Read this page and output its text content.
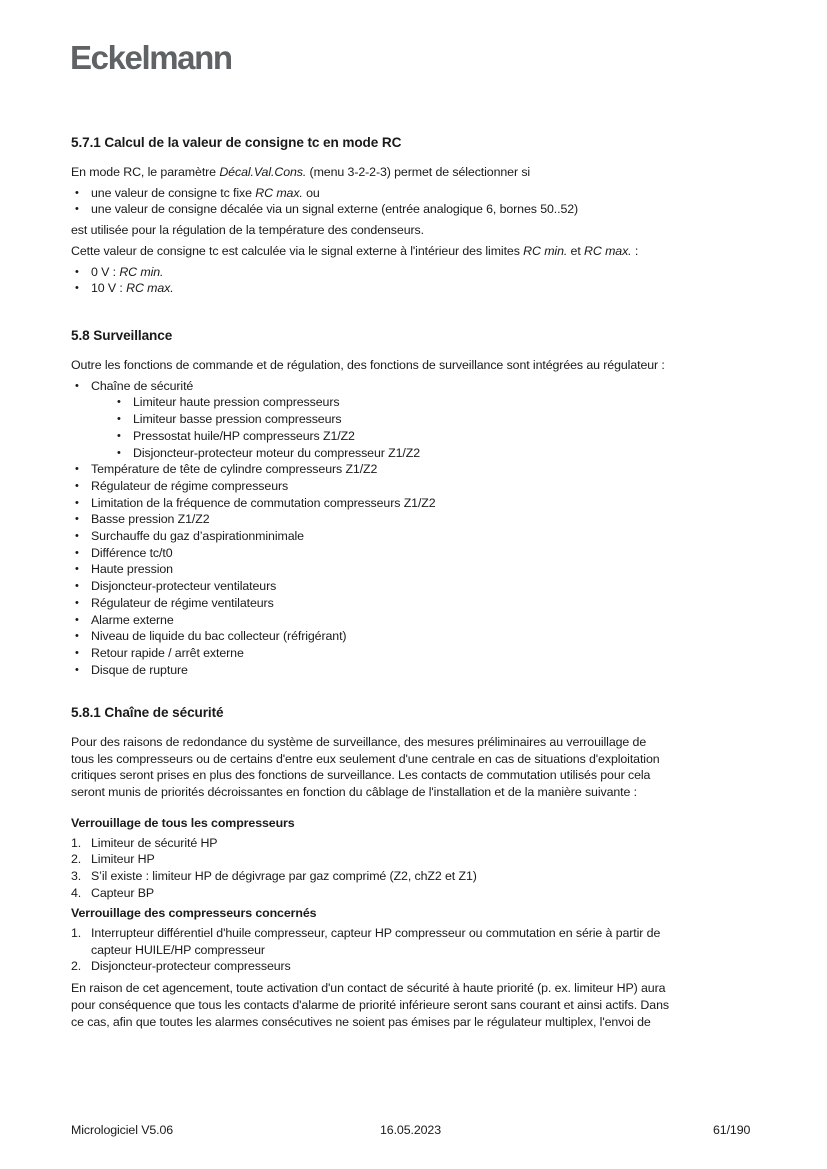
Eckelmann
5.7.1 Calcul de la valeur de consigne tc en mode RC

En mode RC, le paramètre Décal.Val.Cons. (menu 3-2-2-3) permet de sélectionner si

• une valeur de consigne tc fixe RC max. ou
• une valeur de consigne décalée via un signal externe (entrée analogique 6, bornes 50..52)

est utilisée pour la régulation de la température des condenseurs.

Cette valeur de consigne tc est calculée via le signal externe à l'intérieur des limites RC min. et RC max. :

• 0 V : RC min.
• 10 V : RC max.
5.8 Surveillance

Outre les fonctions de commande et de régulation, des fonctions de surveillance sont intégrées au régulateur :

• Chaîne de sécurité
• Limiteur haute pression compresseurs
• Limiteur basse pression compresseurs
• Pressostat huile/HP compresseurs Z1/Z2
• Disjoncteur-protecteur moteur du compresseur Z1/Z2
• Température de tête de cylindre compresseurs Z1/Z2
• Régulateur de régime compresseurs
• Limitation de la fréquence de commutation compresseurs Z1/Z2
• Basse pression Z1/Z2
• Surchauffe du gaz d’aspirationminimale
• Différence tc/t0
• Haute pression
• Disjoncteur-protecteur ventilateurs
• Régulateur de régime ventilateurs
• Alarme externe
• Niveau de liquide du bac collecteur (réfrigérant)
• Retour rapide / arrêt externe
• Disque de rupture
5.8.1 Chaîne de sécurité

Pour des raisons de redondance du système de surveillance, des mesures préliminaires au verrouillage de
tous les compresseurs ou de certains d'entre eux seulement d'une centrale en cas de situations d'exploitation
critiques seront prises en plus des fonctions de surveillance. Les contacts de commutation utilisés pour cela
seront munis de priorités décroissantes en fonction du câblage de l'installation et de la manière suivante :

Verrouillage de tous les compresseurs

1. Limiteur de sécurité HP
2. Limiteur HP
3. S’il existe : limiteur HP de dégivrage par gaz comprimé (Z2, chZ2 et Z1)
4. Capteur BP

Verrouillage des compresseurs concernés

1. Interrupteur différentiel d'huile compresseur, capteur HP compresseur ou commutation en série à partir de
capteur HUILE/HP compresseur
2. Disjoncteur-protecteur compresseurs

En raison de cet agencement, toute activation d'un contact de sécurité à haute priorité (p. ex. limiteur HP) aura
pour conséquence que tous les contacts d'alarme de priorité inférieure seront sans courant et ainsi actifs. Dans
ce cas, afin que toutes les alarmes consécutives ne soient pas émises par le régulateur multiplex, l'envoi de

Micrologiciel V5.06	16.05.2023	61/190
